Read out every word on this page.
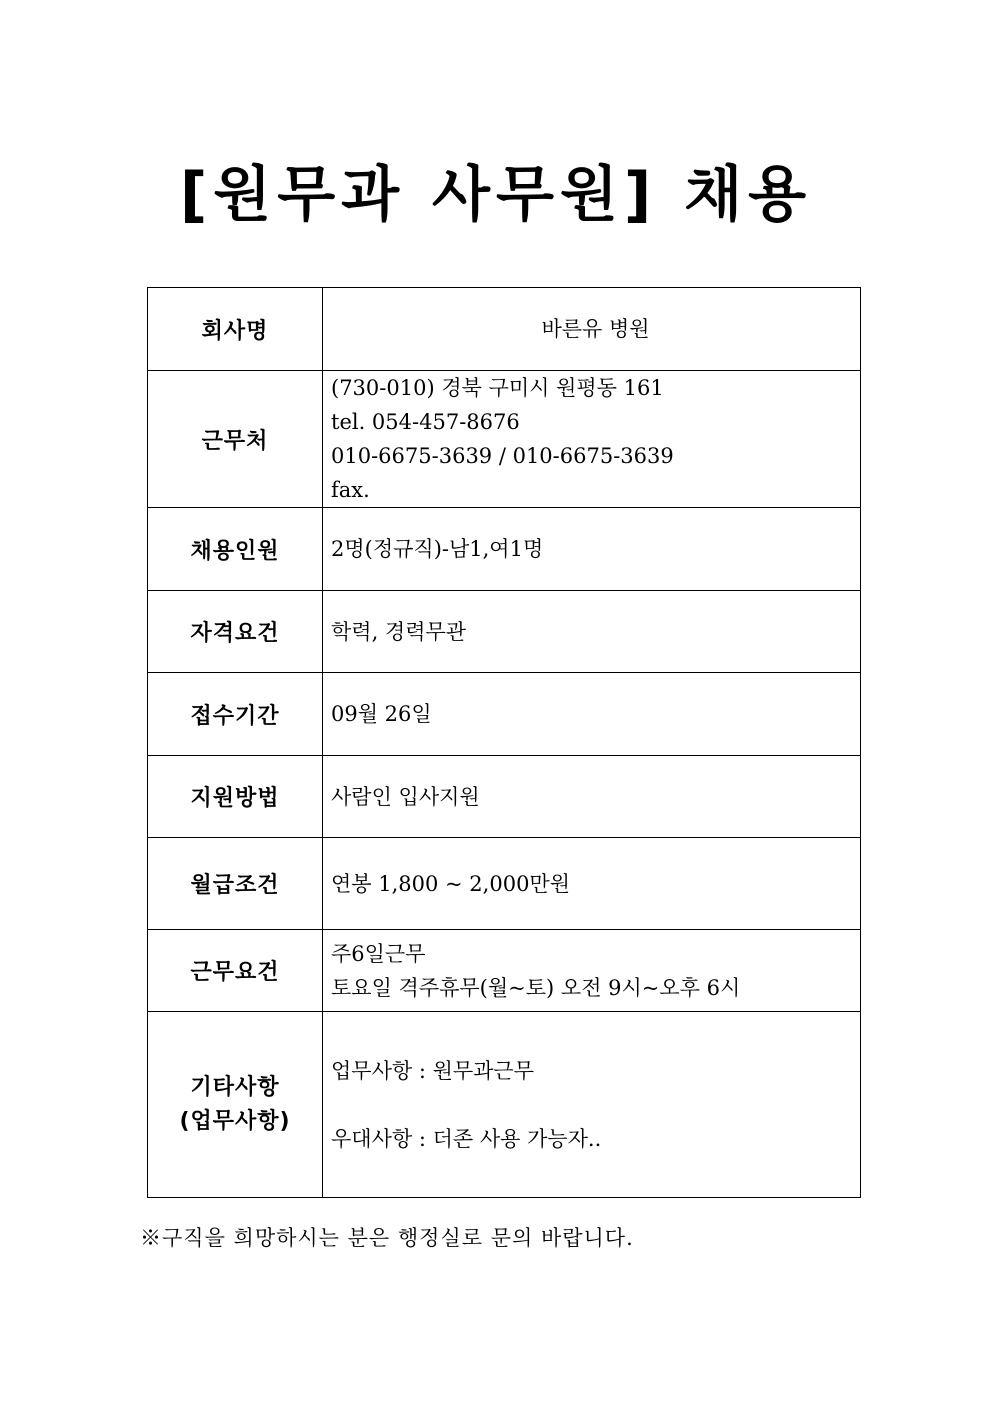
[원무과 사무원] 채용
회사명	바른유 병원

근무처	(730-010) 경북 구미시 원평동 161
tel. 054-457-8676
010-6675-3639 / 010-6675-3639
fax.

채용인원	2명(정규직)-남1,여1명

자격요건	학력, 경력무관

접수기간	09월 26일

지원방법	사람인 입사지원

월급조건	연봉 1,800 ~ 2,000만원

근무요건	주6일근무
토요일 격주휴무(월~토) 오전 9시~오후 6시

기타사항
(업무사항)	업무사항 : 원무과근무
우대사항 : 더존 사용 가능자..
※구직을 희망하시는 분은 행정실로 문의 바랍니다.
